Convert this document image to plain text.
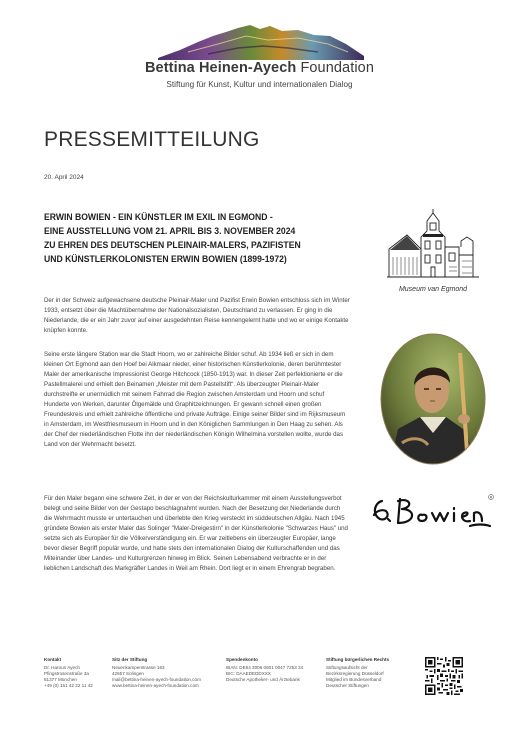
Bettina Heinen-Ayech Foundation
Stiftung für Kunst, Kultur und internationalen Dialog
PRESSEMITTEILUNG
20. April 2024
ERWIN BOWIEN - EIN KÜNSTLER IM EXIL IN EGMOND -
EINE AUSSTELLUNG VOM 21. APRIL BIS 3. NOVEMBER 2024
ZU EHREN DES DEUTSCHEN PLEINAIR-MALERS, PAZIFISTEN
UND KÜNSTLERKOLONISTEN ERWIN BOWIEN (1899-1972)
Der in der Schweiz aufgewachsene deutsche Pleinair-Maler und Pazifist Erwin Bowien entschloss sich im Winter 1933, entsetzt über die Machtübernahme der Nationalsozialisten, Deutschland zu verlassen. Er ging in die Niederlande, die er ein Jahr zuvor auf einer ausgedehnten Reise kennengelernt hatte und wo er einige Kontakte knüpfen konnte.
Seine erste längere Station war die Stadt Hoorn, wo er zahlreiche Bilder schuf. Ab 1934 ließ er sich in dem kleinen Ort Egmond aan den Hoef bei Alkmaar nieder, einer historischen Künstlerkolonie, deren berühmtester Maler der amerikanische Impressionist George Hitchcock (1850-1913) war. In dieser Zeit perfektionierte er die Pastellmalerei und erhielt den Beinamen „Meister mit dem Pastellstift“. Als überzeugter Pleinair-Maler durchstreifte er unermüdlich mit seinem Fahrrad die Region zwischen Amsterdam und Hoorn und schuf Hunderte von Werken, darunter Ölgemälde und Graphitzeichnungen. Er gewann schnell einen großen Freundeskreis und erhielt zahlreiche öffentliche und private Aufträge. Einige seiner Bilder sind im Rijksmuseum in Amsterdam, im Westfriesmuseum in Hoorn und in den Königlichen Sammlungen in Den Haag zu sehen. Als der Chef der niederländischen Flotte ihn der niederländischen Königin Wilhelmina vorstellen wollte, wurde das Land von der Wehrmacht besetzt.
Für den Maler begann eine schwere Zeit, in der er von der Reichskulturkammer mit einem Ausstellungsverbot belegt und seine Bilder von der Gestapo beschlagnahmt wurden. Nach der Besetzung der Niederlande durch die Wehrmacht musste er untertauchen und überlebte den Krieg versteckt im süddeutschen Allgäu. Nach 1945 gründete Bowien als erster Maler das Solinger "Maler-Dreigestirn" in der Künstlerkolonie "Schwarzes Haus" und setzte sich als Europäer für die Völkerverständigung ein. Er war zeitlebens ein überzeugter Europäer, lange bevor dieser Begriff populär wurde, und hatte stets den internationalen Dialog der Kulturschaffenden und das Miteinander über Landes- und Kulturgrenzen hinweg im Blick. Seinen Lebensabend verbrachte er in der lieblichen Landschaft des Markgräfler Landes in Weil am Rhein. Dort liegt er in einem Ehrengrab begraben.
Museum van Egmond
R
Kontakt
Dr. Haroun Ayech
Pfingstrosenstraße 3a
81377 München
+49 (0) 151 42 22 11 42
Sitz der Stiftung
Neuenkamperstrasse 163
42657 Solingen
mail@bettina-heinen-ayech-foundation.com
www.bettina-heinen-ayech-foundation.com
Spendenkonto
IBAN: DE64 3006 0601 0047 7253 34
BIC: DAAEDEDDXXX
Deutsche Apotheker- und Ärztebank
Stiftung bürgerlichen Rechts
Stiftungsaufsicht der
Bezirksregierung Düsseldorf
Mitglied im Bundesverband
Deutscher Stiftungen
